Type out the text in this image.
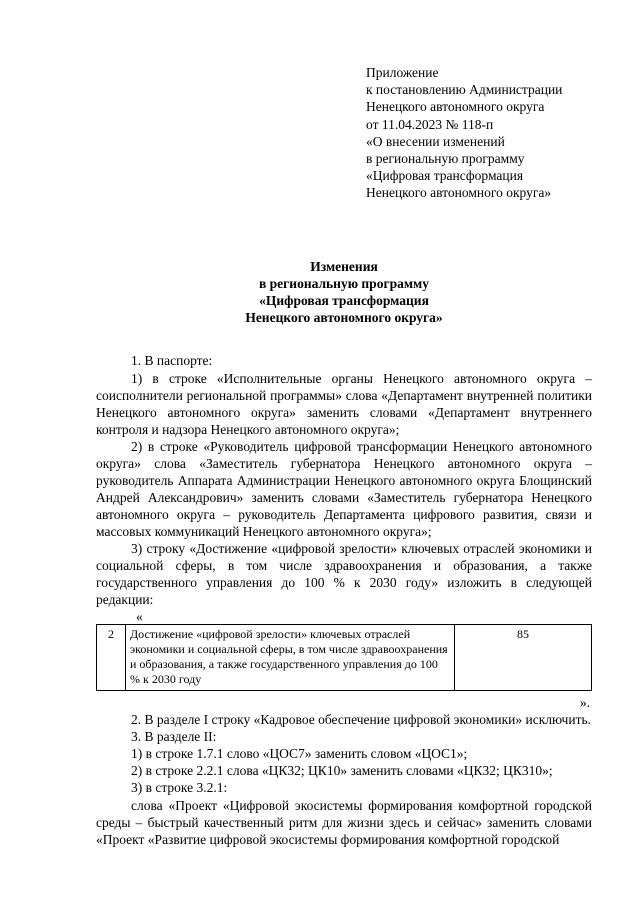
Приложение
к постановлению Администрации
Ненецкого автономного округа
от 11.04.2023 № 118-п
«О внесении изменений
в региональную программу
«Цифровая трансформация
Ненецкого автономного округа»
Изменения
в региональную программу
«Цифровая трансформация
Ненецкого автономного округа»

1. В паспорте:

1) в строке «Исполнительные органы Ненецкого автономного округа – соисполнители региональной программы» слова «Департамент внутренней политики Ненецкого автономного округа» заменить словами «Департамент внутреннего контроля и надзора Ненецкого автономного округа»;

2) в строке «Руководитель цифровой трансформации Ненецкого автономного округа» слова «Заместитель губернатора Ненецкого автономного округа – руководитель Аппарата Администрации Ненецкого автономного округа Блощинский Андрей Александрович» заменить словами «Заместитель губернатора Ненецкого автономного округа – руководитель Департамента цифрового развития, связи и массовых коммуникаций Ненецкого автономного округа»;

3) строку «Достижение «цифровой зрелости» ключевых отраслей экономики и социальной сферы, в том числе здравоохранения и образования, а также государственного управления до 100 % к 2030 году» изложить в следующей редакции:

«
2	Достижение «цифровой зрелости» ключевых отраслей экономики и социальной сферы, в том числе здравоохранения и образования, а также государственного управления до 100 % к 2030 году	85
».

2. В разделе I строку «Кадровое обеспечение цифровой экономики» исключить.

3. В разделе II:

1) в строке 1.7.1 слово «ЦОС7» заменить словом «ЦОС1»;

2) в строке 2.2.1 слова «ЦК32; ЦК10» заменить словами «ЦК32; ЦК310»;

3) в строке 3.2.1:

слова «Проект «Цифровой экосистемы формирования комфортной городской среды – быстрый качественный ритм для жизни здесь и сейчас» заменить словами «Проект «Развитие цифровой экосистемы формирования комфортной городской
